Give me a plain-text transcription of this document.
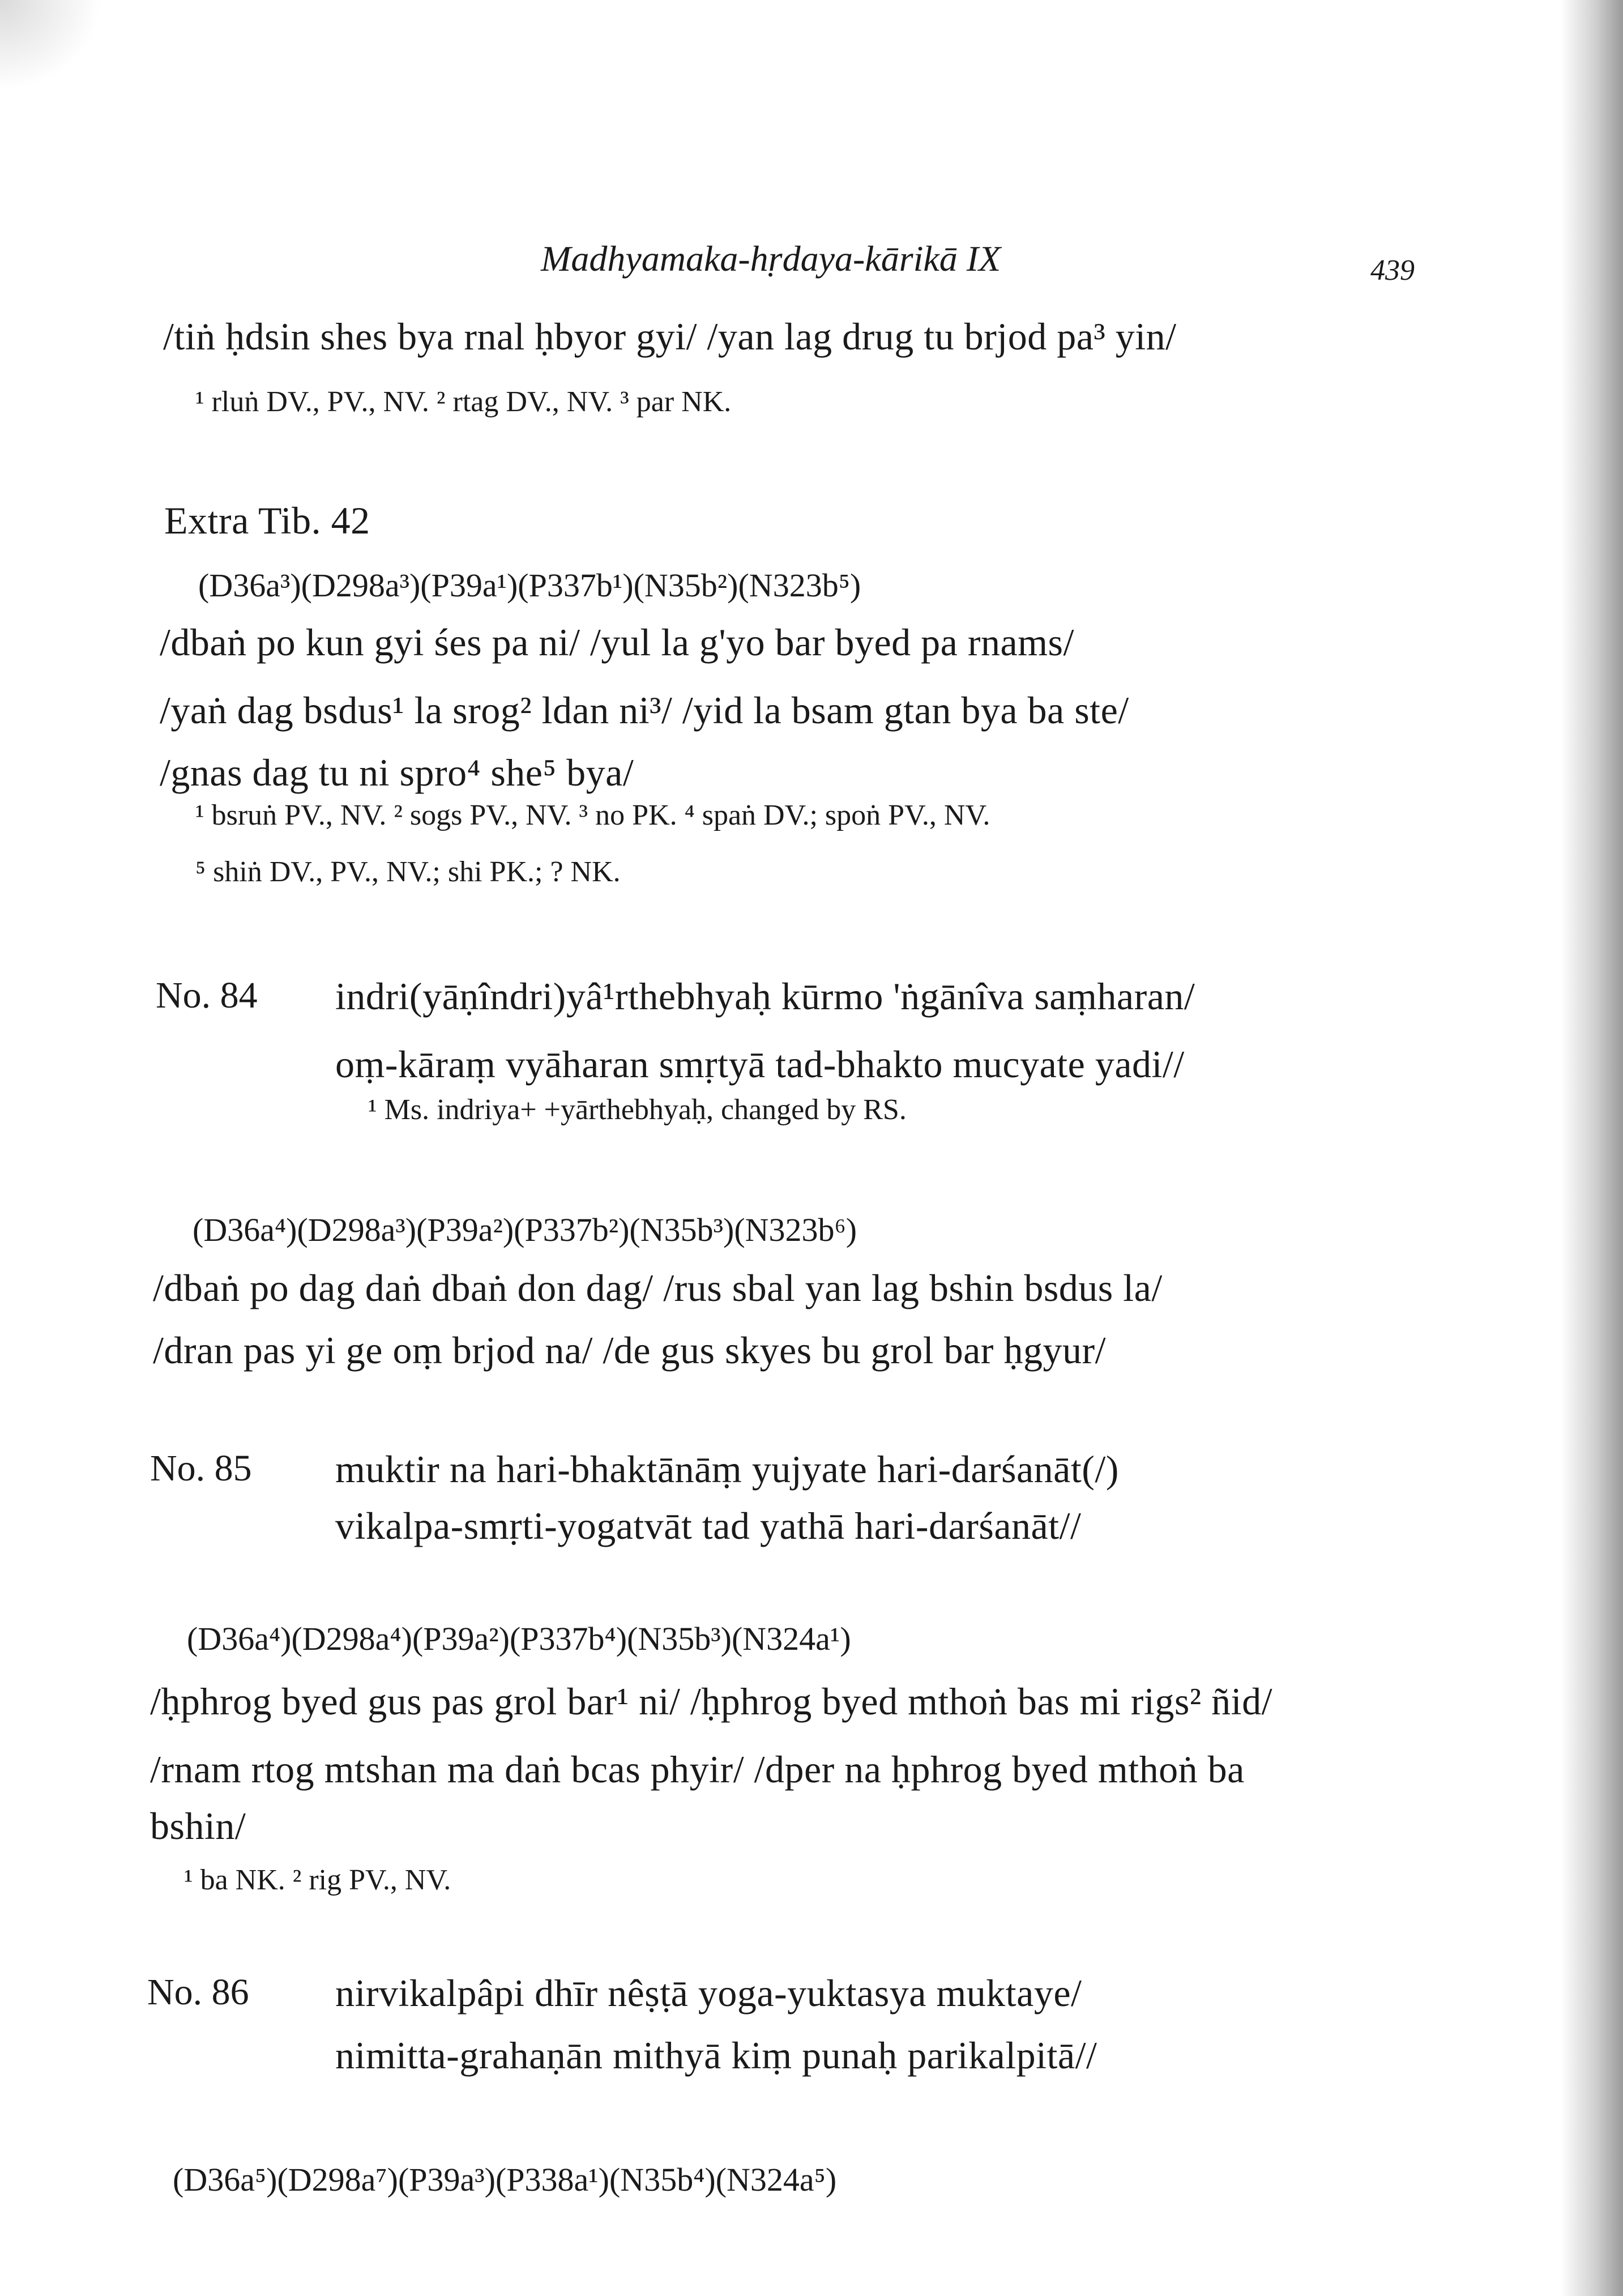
Madhyamaka-hṛdaya-kārikā IX	439
/tiṅ ḥdsin shes bya rnal ḥbyor gyi/ /yan lag drug tu brjod pa³ yin/
¹ rluṅ DV., PV., NV. ² rtag DV., NV. ³ par NK.
Extra Tib. 42
(D36a³)(D298a³)(P39a¹)(P337b¹)(N35b²)(N323b⁵)
/dbaṅ po kun gyi śes pa ni/ /yul la g'yo bar byed pa rnams/
/yaṅ dag bsdus¹ la srog² ldan ni³/ /yid la bsam gtan bya ba ste/
/gnas dag tu ni spro⁴ she⁵ bya/
¹ bsruṅ PV., NV. ² sogs PV., NV. ³ no PK. ⁴ spaṅ DV.; spoṅ PV., NV.
⁵ shiṅ DV., PV., NV.; shi PK.; ? NK.
No. 84 indri(yāṇîndri)yâ¹rthebhyaḥ kūrmo 'ṅgānîva saṃharan/
oṃ-kāraṃ vyāharan smṛtyā tad-bhakto mucyate yadi//
¹ Ms. indriya+ +yārthebhyaḥ, changed by RS.
(D36a⁴)(D298a³)(P39a²)(P337b²)(N35b³)(N323b⁶)
/dbaṅ po dag daṅ dbaṅ don dag/ /rus sbal yan lag bshin bsdus la/
/dran pas yi ge oṃ brjod na/ /de gus skyes bu grol bar ḥgyur/
No. 85 muktir na hari-bhaktānāṃ yujyate hari-darśanāt(/)
vikalpa-smṛti-yogatvāt tad yathā hari-darśanāt//
(D36a⁴)(D298a⁴)(P39a²)(P337b⁴)(N35b³)(N324a¹)
/ḥphrog byed gus pas grol bar¹ ni/ /ḥphrog byed mthoṅ bas mi rigs² ñid/
/rnam rtog mtshan ma daṅ bcas phyir/ /dper na ḥphrog byed mthoṅ ba
bshin/
¹ ba NK. ² rig PV., NV.
No. 86 nirvikalpâpi dhīr nêṣṭā yoga-yuktasya muktaye/
nimitta-grahaṇān mithyā kiṃ punaḥ parikalpitā//
(D36a⁵)(D298a⁷)(P39a³)(P338a¹)(N35b⁴)(N324a⁵)
